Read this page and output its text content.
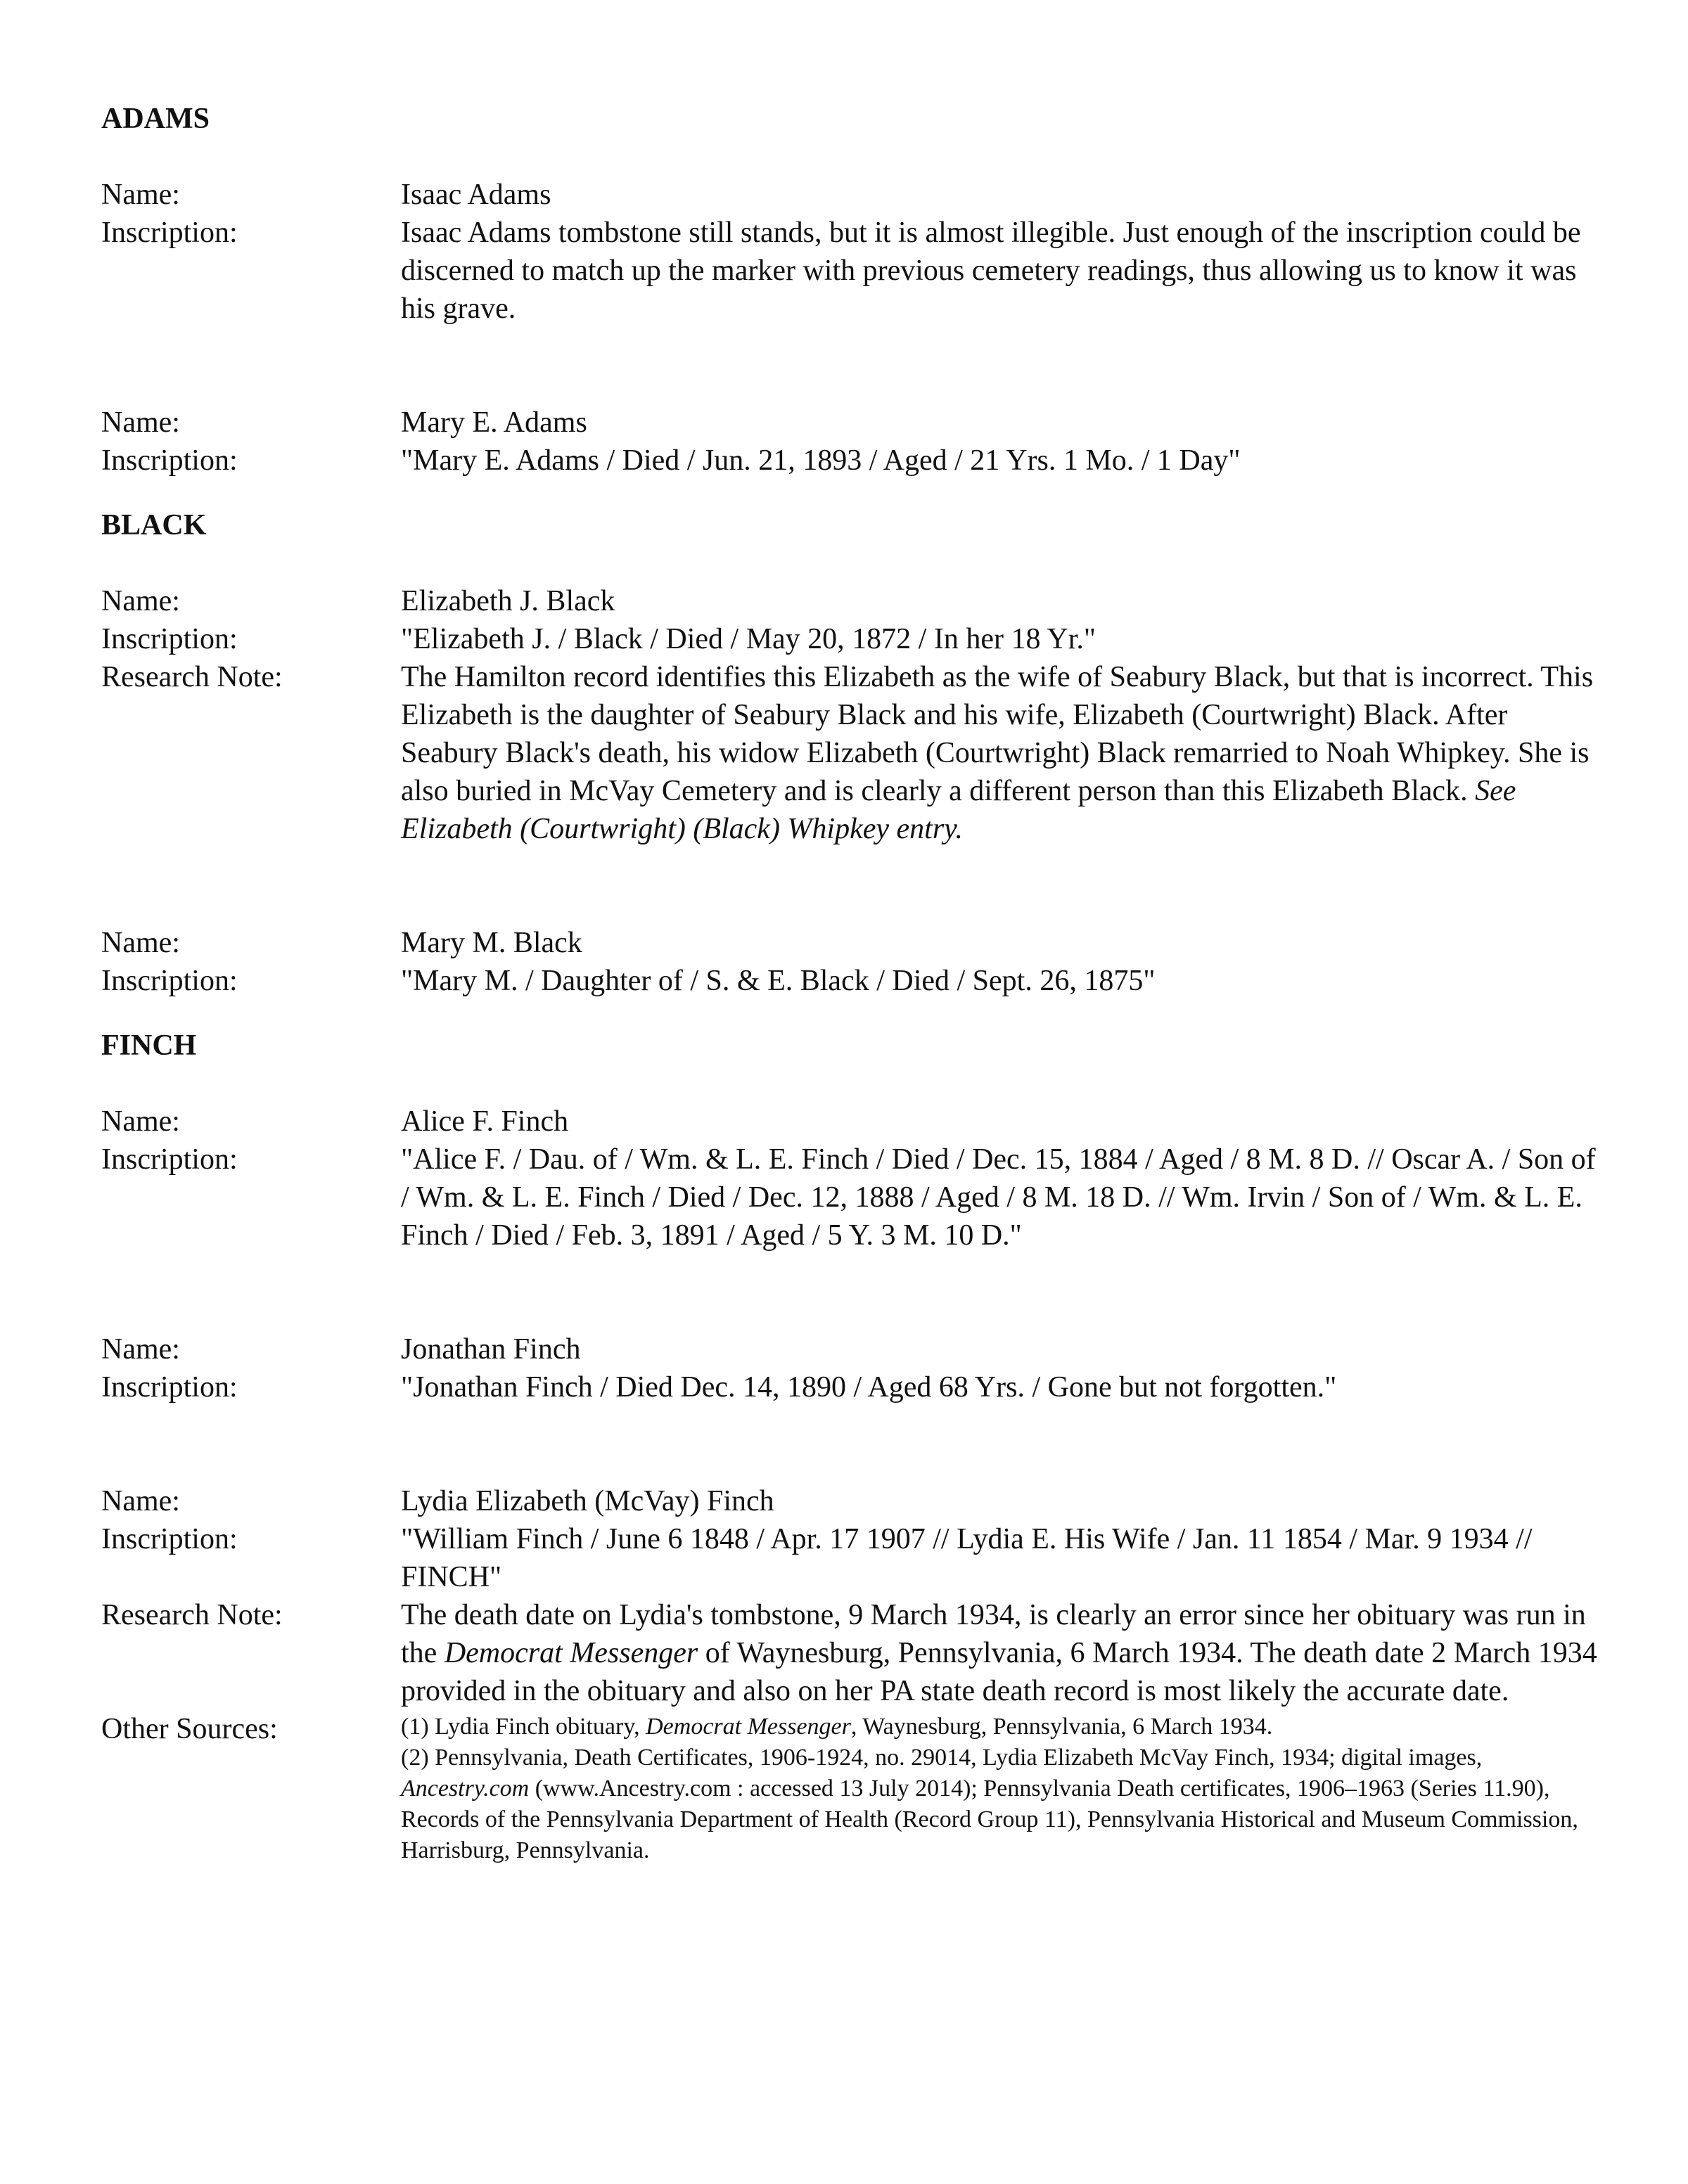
ADAMS
Name:	Isaac Adams
Inscription:	Isaac Adams tombstone still stands, but it is almost illegible. Just enough of the inscription could be discerned to match up the marker with previous cemetery readings, thus allowing us to know it was his grave.
Name:	Mary E. Adams
Inscription:	"Mary E. Adams / Died / Jun. 21, 1893 / Aged / 21 Yrs. 1 Mo. / 1 Day"
BLACK
Name:	Elizabeth J. Black
Inscription:	"Elizabeth J. / Black / Died / May 20, 1872 / In her 18 Yr."
Research Note:	The Hamilton record identifies this Elizabeth as the wife of Seabury Black, but that is incorrect. This Elizabeth is the daughter of Seabury Black and his wife, Elizabeth (Courtwright) Black. After Seabury Black's death, his widow Elizabeth (Courtwright) Black remarried to Noah Whipkey. She is also buried in McVay Cemetery and is clearly a different person than this Elizabeth Black. See Elizabeth (Courtwright) (Black) Whipkey entry.
Name:	Mary M. Black
Inscription:	"Mary M. / Daughter of / S. & E. Black / Died / Sept. 26, 1875"
FINCH
Name:	Alice F. Finch
Inscription:	"Alice F. / Dau. of / Wm. & L. E. Finch / Died / Dec. 15, 1884 / Aged / 8 M. 8 D. // Oscar A. / Son of / Wm. & L. E. Finch / Died / Dec. 12, 1888 / Aged / 8 M. 18 D. // Wm. Irvin / Son of / Wm. & L. E. Finch / Died / Feb. 3, 1891 / Aged / 5 Y. 3 M. 10 D."
Name:	Jonathan Finch
Inscription:	"Jonathan Finch / Died Dec. 14, 1890 / Aged 68 Yrs. / Gone but not forgotten."
Name:	Lydia Elizabeth (McVay) Finch
Inscription:	"William Finch / June 6 1848 / Apr. 17 1907 // Lydia E. His Wife / Jan. 11 1854 / Mar. 9 1934 // FINCH"
Research Note:	The death date on Lydia's tombstone, 9 March 1934, is clearly an error since her obituary was run in the Democrat Messenger of Waynesburg, Pennsylvania, 6 March 1934. The death date 2 March 1934 provided in the obituary and also on her PA state death record is most likely the accurate date.
Other Sources:	(1) Lydia Finch obituary, Democrat Messenger, Waynesburg, Pennsylvania, 6 March 1934.
(2) Pennsylvania, Death Certificates, 1906-1924, no. 29014, Lydia Elizabeth McVay Finch, 1934; digital images, Ancestry.com (www.Ancestry.com : accessed 13 July 2014); Pennsylvania Death certificates, 1906–1963 (Series 11.90), Records of the Pennsylvania Department of Health (Record Group 11), Pennsylvania Historical and Museum Commission, Harrisburg, Pennsylvania.
